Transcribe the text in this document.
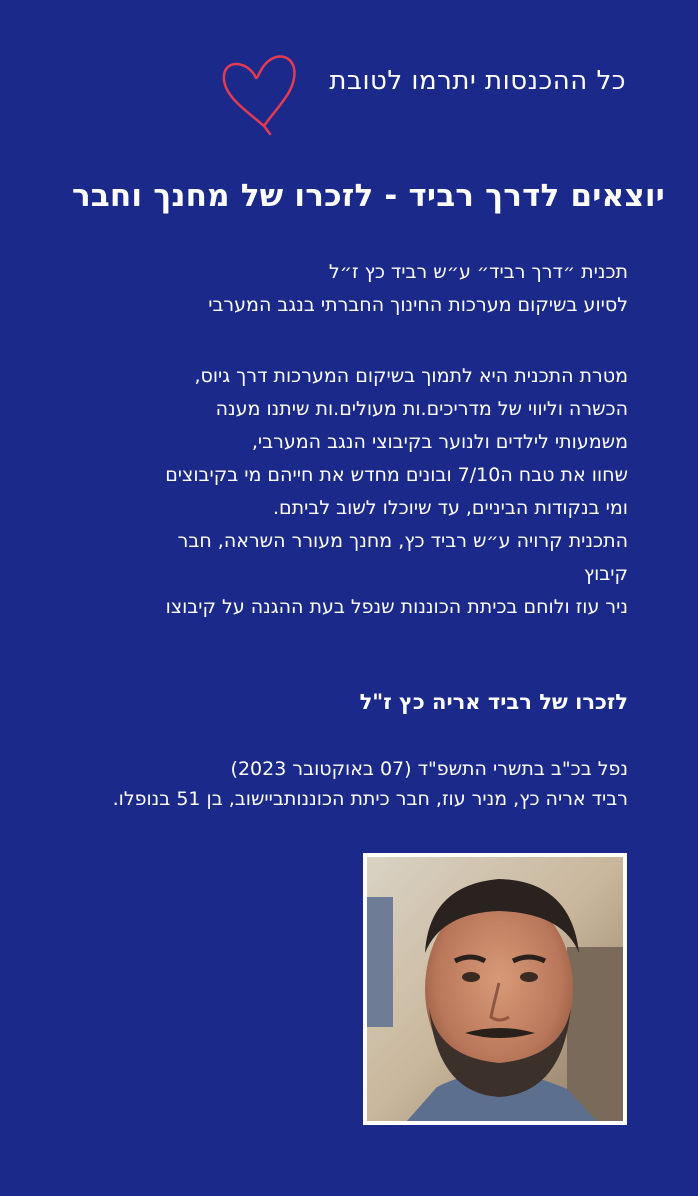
כל ההכנסות יתרמו לטובת
יוצאים לדרך רביד - לזכרו של מחנך וחבר

תכנית ״דרך רביד״ ע״ש רביד כץ ז״ל

לסיוע בשיקום מערכות החינוך החברתי בנגב המערבי

מטרת התכנית היא לתמוך בשיקום המערכות דרך גיוס,

הכשרה וליווי של מדריכים.ות מעולים.ות שיתנו מענה

משמעותי לילדים ולנוער בקיבוצי הנגב המערבי,

שחוו את טבח ה7/10 ובונים מחדש את חייהם מי בקיבוצים

ומי בנקודות הביניים, עד שיוכלו לשוב לביתם.

התכנית קרויה ע״ש רביד כץ, מחנך מעורר השראה, חבר

קיבוץ

ניר עוז ולוחם בכיתת הכוננות שנפל בעת ההגנה על קיבוצו

לזכרו של רביד אריה כץ ז"ל

נפל בכ"ב בתשרי התשפ"ד (07 באוקטובר 2023)

רביד אריה כץ, מניר עוז, חבר כיתת הכוננותביישוב, בן 51 בנופלו.
